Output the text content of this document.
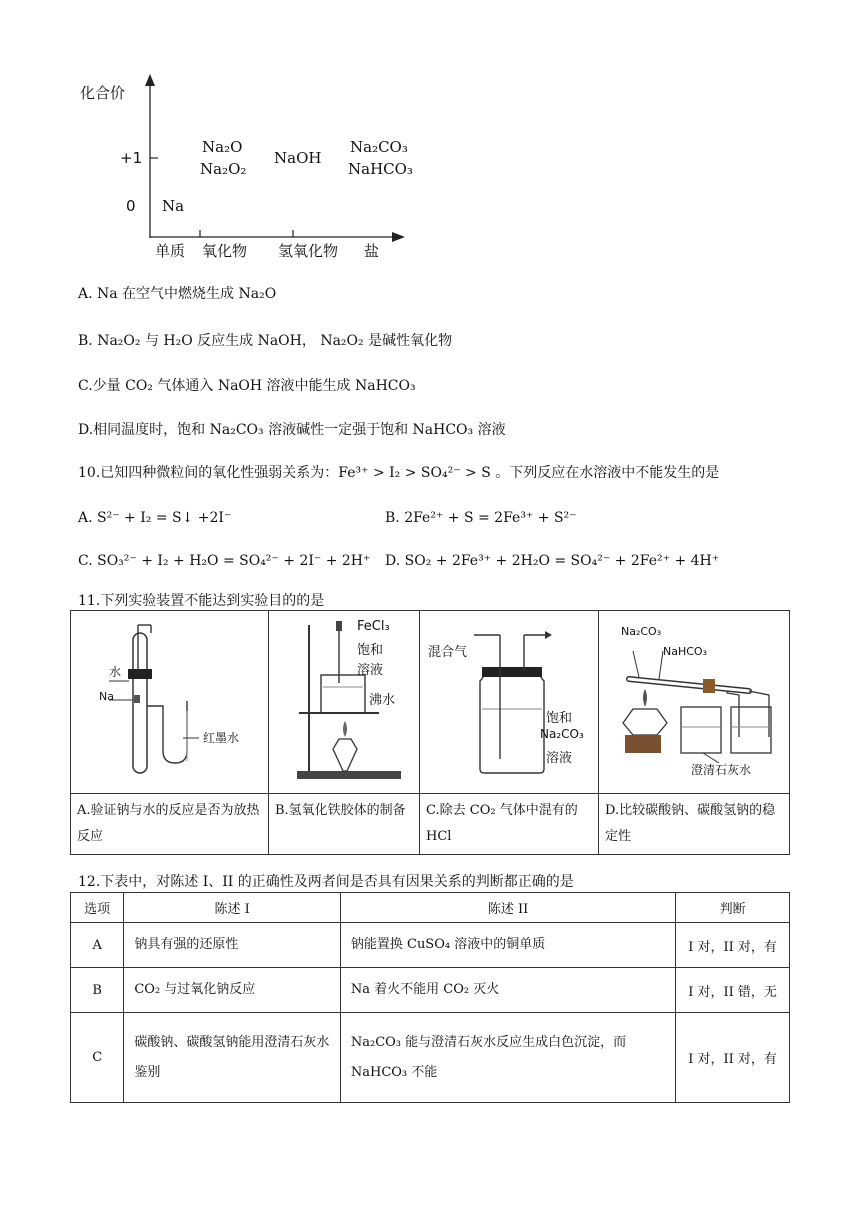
化合价
+1
0
单质 氧化物 氢氧化物 盐
Na
Na₂O
Na₂O₂
NaOH
Na₂CO₃
NaHCO₃
A. Na 在空气中燃烧生成 Na₂O
B. Na₂O₂ 与 H₂O 反应生成 NaOH， Na₂O₂ 是碱性氧化物
C.少量 CO₂ 气体通入 NaOH 溶液中能生成 NaHCO₃
D.相同温度时，饱和 Na₂CO₃ 溶液碱性一定强于饱和 NaHCO₃ 溶液
10.已知四种微粒间的氧化性强弱关系为：Fe³⁺ > I₂ > SO₄²⁻ > S 。下列反应在水溶液中不能发生的是
A. S²⁻ + I₂ = S↓ +2I⁻	B. 2Fe²⁺ + S = 2Fe³⁺ + S²⁻
C. SO₃²⁻ + I₂ + H₂O = SO₄²⁻ + 2I⁻ + 2H⁺ D. SO₂ + 2Fe³⁺ + 2H₂O = SO₄²⁻ + 2Fe²⁺ + 4H⁺
11.下列实验装置不能达到实验目的的是
水
Na
红墨水	FeCl₃
饱和
溶液
沸水	混合气
饱和
Na₂CO₃
溶液	Na₂CO₃
NaHCO₃
澄清石灰水

A.验证钠与水的反应是否为放热反应	B.氢氧化铁胶体的制备	C.除去 CO₂ 气体中混有的 HCl	D.比较碳酸钠、碳酸氢钠的稳定性
12.下表中，对陈述 I、II 的正确性及两者间是否具有因果关系的判断都正确的是
选项	陈述 I	陈述 II	判断
A	钠具有强的还原性	钠能置换 CuSO₄ 溶液中的铜单质	I 对，II 对，有
B	CO₂ 与过氧化钠反应	Na 着火不能用 CO₂ 灭火	I 对，II 错，无
C	碳酸钠、碳酸氢钠能用澄清石灰水鉴别	Na₂CO₃ 能与澄清石灰水反应生成白色沉淀，而 NaHCO₃ 不能	I 对，II 对，有
